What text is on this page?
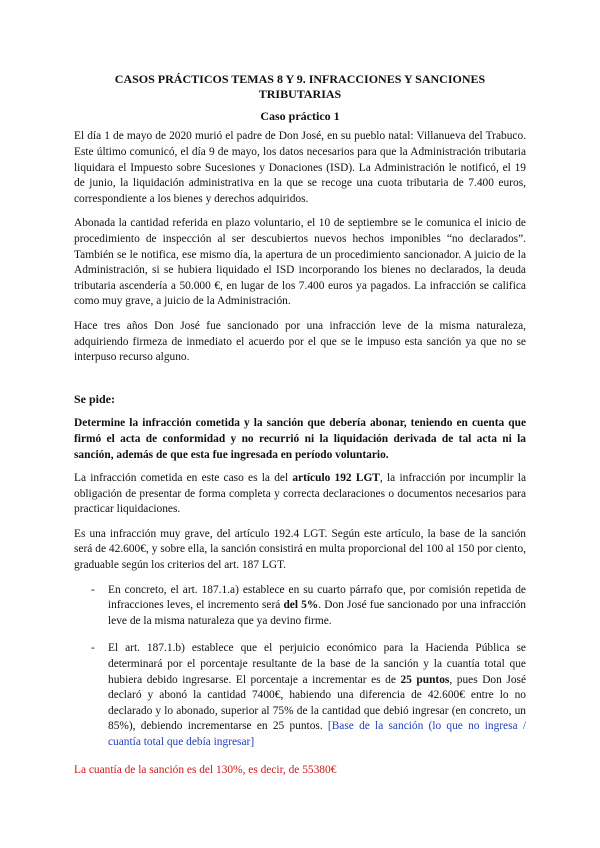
CASOS PRÁCTICOS TEMAS 8 Y 9. INFRACCIONES Y SANCIONES TRIBUTARIAS
Caso práctico 1

El día 1 de mayo de 2020 murió el padre de Don José, en su pueblo natal: Villanueva del Trabuco. Este último comunicó, el día 9 de mayo, los datos necesarios para que la Administración tributaria liquidara el Impuesto sobre Sucesiones y Donaciones (ISD). La Administración le notificó, el 19 de junio, la liquidación administrativa en la que se recoge una cuota tributaria de 7.400 euros, correspondiente a los bienes y derechos adquiridos.

Abonada la cantidad referida en plazo voluntario, el 10 de septiembre se le comunica el inicio de procedimiento de inspección al ser descubiertos nuevos hechos imponibles “no declarados”. También se le notifica, ese mismo día, la apertura de un procedimiento sancionador. A juicio de la Administración, si se hubiera liquidado el ISD incorporando los bienes no declarados, la deuda tributaria ascendería a 50.000 €, en lugar de los 7.400 euros ya pagados. La infracción se califica como muy grave, a juicio de la Administración.

Hace tres años Don José fue sancionado por una infracción leve de la misma naturaleza, adquiriendo firmeza de inmediato el acuerdo por el que se le impuso esta sanción ya que no se interpuso recurso alguno.

Se pide:

Determine la infracción cometida y la sanción que debería abonar, teniendo en cuenta que firmó el acta de conformidad y no recurrió ni la liquidación derivada de tal acta ni la sanción, además de que esta fue ingresada en período voluntario.

La infracción cometida en este caso es la del artículo 192 LGT, la infracción por incumplir la obligación de presentar de forma completa y correcta declaraciones o documentos necesarios para practicar liquidaciones.

Es una infracción muy grave, del artículo 192.4 LGT. Según este artículo, la base de la sanción será de 42.600€, y sobre ella, la sanción consistirá en multa proporcional del 100 al 150 por ciento, graduable según los criterios del art. 187 LGT.

- En concreto, el art. 187.1.a) establece en su cuarto párrafo que, por comisión repetida de infracciones leves, el incremento será del 5%. Don José fue sancionado por una infracción leve de la misma naturaleza que ya devino firme.
- El art. 187.1.b) establece que el perjuicio económico para la Hacienda Pública se determinará por el porcentaje resultante de la base de la sanción y la cuantía total que hubiera debido ingresarse. El porcentaje a incrementar es de 25 puntos, pues Don José declaró y abonó la cantidad 7400€, habiendo una diferencia de 42.600€ entre lo no declarado y lo abonado, superior al 75% de la cantidad que debió ingresar (en concreto, un 85%), debiendo incrementarse en 25 puntos. [Base de la sanción (lo que no ingresa / cuantía total que debía ingresar]

La cuantía de la sanción es del 130%, es decir, de 55380€
